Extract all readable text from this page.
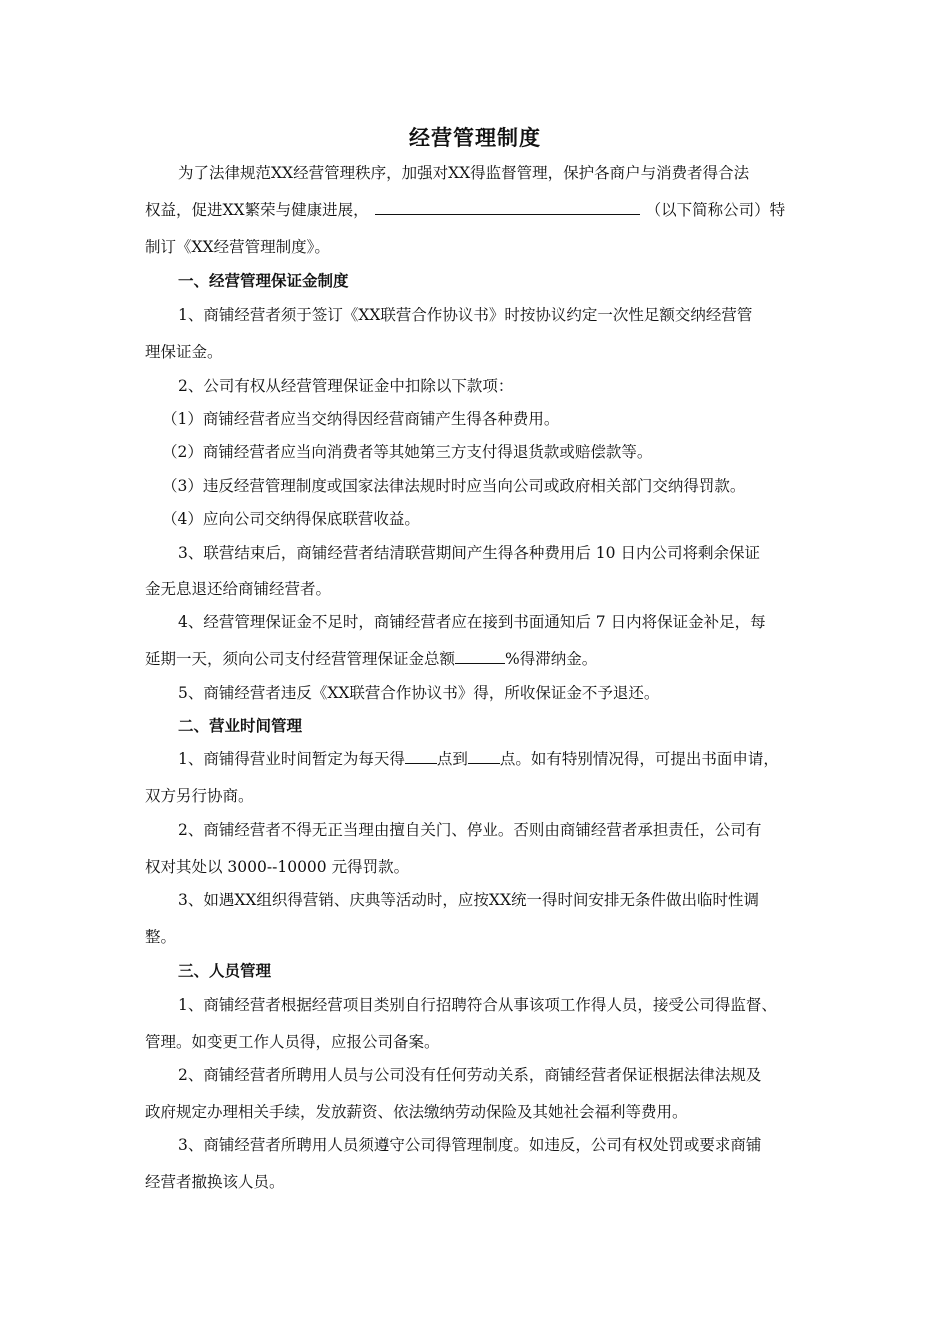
经营管理制度
为了法律规范XX经营管理秩序，加强对XX得监督管理，保护各商户与消费者得合法
权益，促进XX繁荣与健康进展，	（以下简称公司）特
制订《XX经营管理制度》。
一、经营管理保证金制度
1、商铺经营者须于签订《XX联营合作协议书》时按协议约定一次性足额交纳经营管
理保证金。
2、公司有权从经营管理保证金中扣除以下款项：
（1）商铺经营者应当交纳得因经营商铺产生得各种费用。
（2）商铺经营者应当向消费者等其她第三方支付得退货款或赔偿款等。
（3）违反经营管理制度或国家法律法规时时应当向公司或政府相关部门交纳得罚款。
（4）应向公司交纳得保底联营收益。
3、联营结束后，商铺经营者结清联营期间产生得各种费用后 10 日内公司将剩余保证
金无息退还给商铺经营者。
4、经营管理保证金不足时，商铺经营者应在接到书面通知后 7 日内将保证金补足，每
延期一天，须向公司支付经营管理保证金总额	%得滞纳金。
5、商铺经营者违反《XX联营合作协议书》得，所收保证金不予退还。
二、营业时间管理
1、商铺得营业时间暂定为每天得 点到 点。如有特别情况得，可提出书面申请，
双方另行协商。
2、商铺经营者不得无正当理由擅自关门、停业。否则由商铺经营者承担责任，公司有
权对其处以 3000--10000 元得罚款。
3、如遇XX组织得营销、庆典等活动时，应按XX统一得时间安排无条件做出临时性调
整。
三、人员管理
1、商铺经营者根据经营项目类别自行招聘符合从事该项工作得人员，接受公司得监督、
管理。如变更工作人员得，应报公司备案。
2、商铺经营者所聘用人员与公司没有任何劳动关系，商铺经营者保证根据法律法规及
政府规定办理相关手续，发放薪资、依法缴纳劳动保险及其她社会福利等费用。
3、商铺经营者所聘用人员须遵守公司得管理制度。如违反，公司有权处罚或要求商铺
经营者撤换该人员。
